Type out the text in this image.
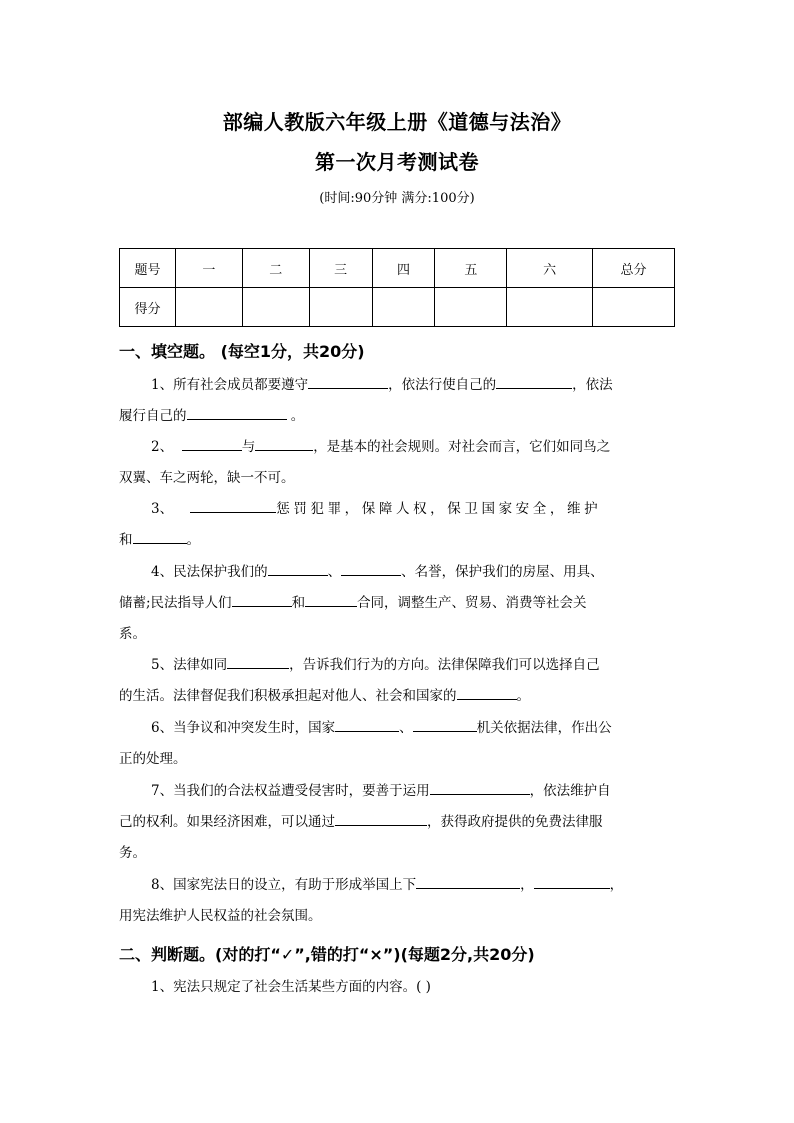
部编人教版六年级上册《道德与法治》
第一次月考测试卷
(时间:90分钟 满分:100分)
题号	一	二	三	四	五	六	总分
得分							
一、填空题。 (每空1分，共20分)
1、所有社会成员都要遵守	，依法行使自己的	，依法
履行自己的	。
2、	与	，是基本的社会规则。对社会而言，它们如同鸟之
双翼、车之两轮，缺一不可。
3、	惩罚犯罪，保障人权，保卫国家安全，维护
和	。
4、民法保护我们的	、	、名誉，保护我们的房屋、用具、
储蓄;民法指导人们	和	合同，调整生产、贸易、消费等社会关
系。
5、法律如同	，告诉我们行为的方向。法律保障我们可以选择自己
的生活。法律督促我们积极承担起对他人、社会和国家的	。
6、当争议和冲突发生时，国家	、	机关依据法律，作出公
正的处理。
7、当我们的合法权益遭受侵害时，要善于运用	，依法维护自
己的权利。如果经济困难，可以通过	，获得政府提供的免费法律服
务。
8、国家宪法日的设立，有助于形成举国上下	，	，
用宪法维护人民权益的社会氛围。
二、判断题。(对的打“✓”,错的打“×”)(每题2分,共20分)
1、宪法只规定了社会生活某些方面的内容。( )
